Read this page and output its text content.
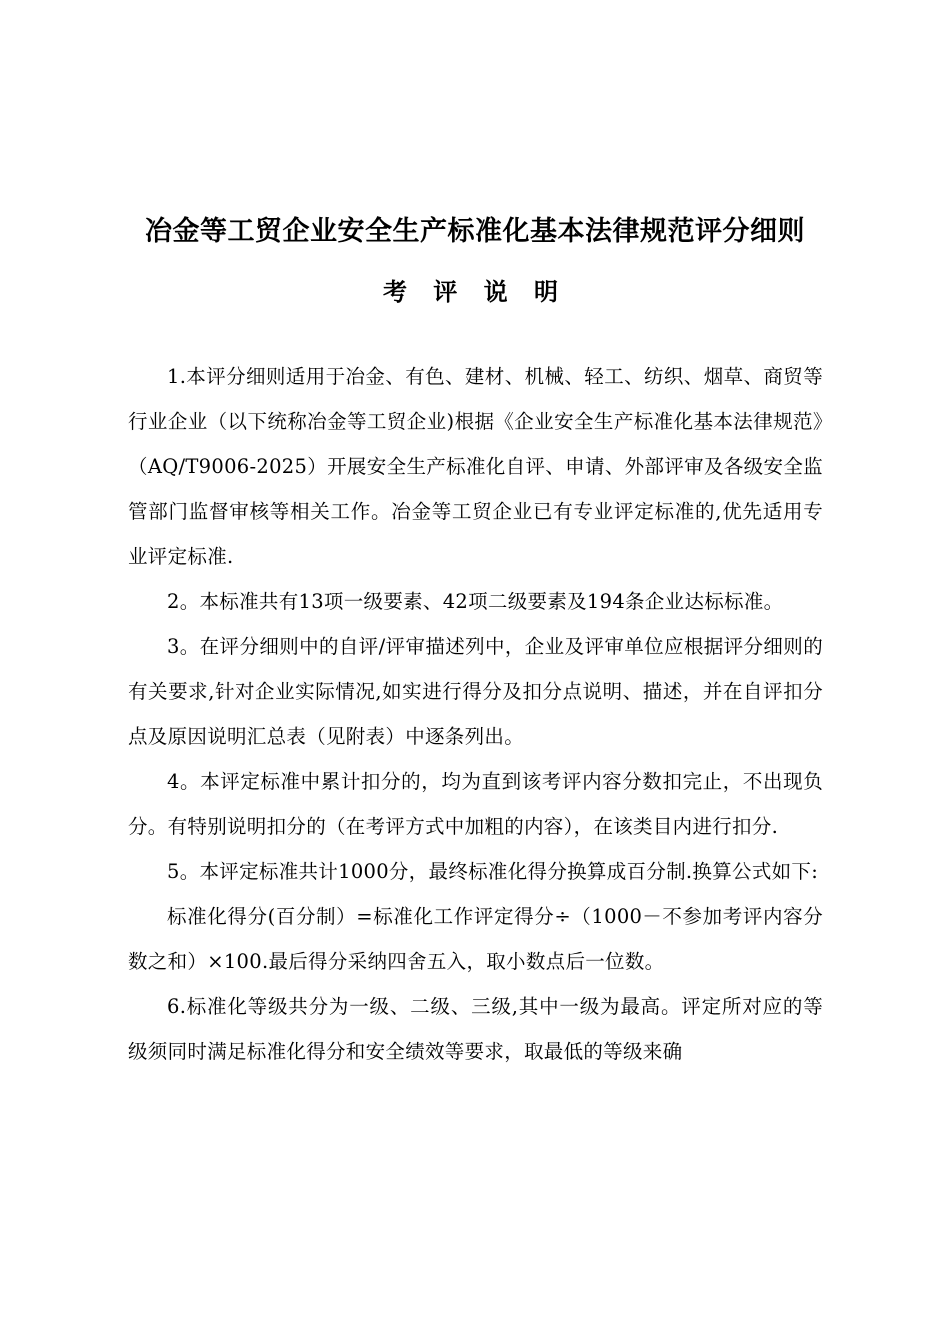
冶金等工贸企业安全生产标准化基本法律规范评分细则
考 评 说 明

1.本评分细则适用于冶金、有色、建材、机械、轻工、纺织、烟草、商贸等行业企业（以下统称冶金等工贸企业)根据《企业安全生产标准化基本法律规范》（AQ/T9006-2025）开展安全生产标准化自评、申请、外部评审及各级安全监管部门监督审核等相关工作。冶金等工贸企业已有专业评定标准的,优先适用专业评定标准.

2。本标准共有13项一级要素、42项二级要素及194条企业达标标准。

3。在评分细则中的自评/评审描述列中，企业及评审单位应根据评分细则的有关要求,针对企业实际情况,如实进行得分及扣分点说明、描述，并在自评扣分点及原因说明汇总表（见附表）中逐条列出。

4。本评定标准中累计扣分的，均为直到该考评内容分数扣完止，不出现负分。有特别说明扣分的（在考评方式中加粗的内容），在该类目内进行扣分.

5。本评定标准共计1000分，最终标准化得分换算成百分制.换算公式如下:

标准化得分(百分制）=标准化工作评定得分÷（1000－不参加考评内容分数之和）×100.最后得分采纳四舍五入，取小数点后一位数。

6.标准化等级共分为一级、二级、三级,其中一级为最高。评定所对应的等级须同时满足标准化得分和安全绩效等要求，取最低的等级来确
